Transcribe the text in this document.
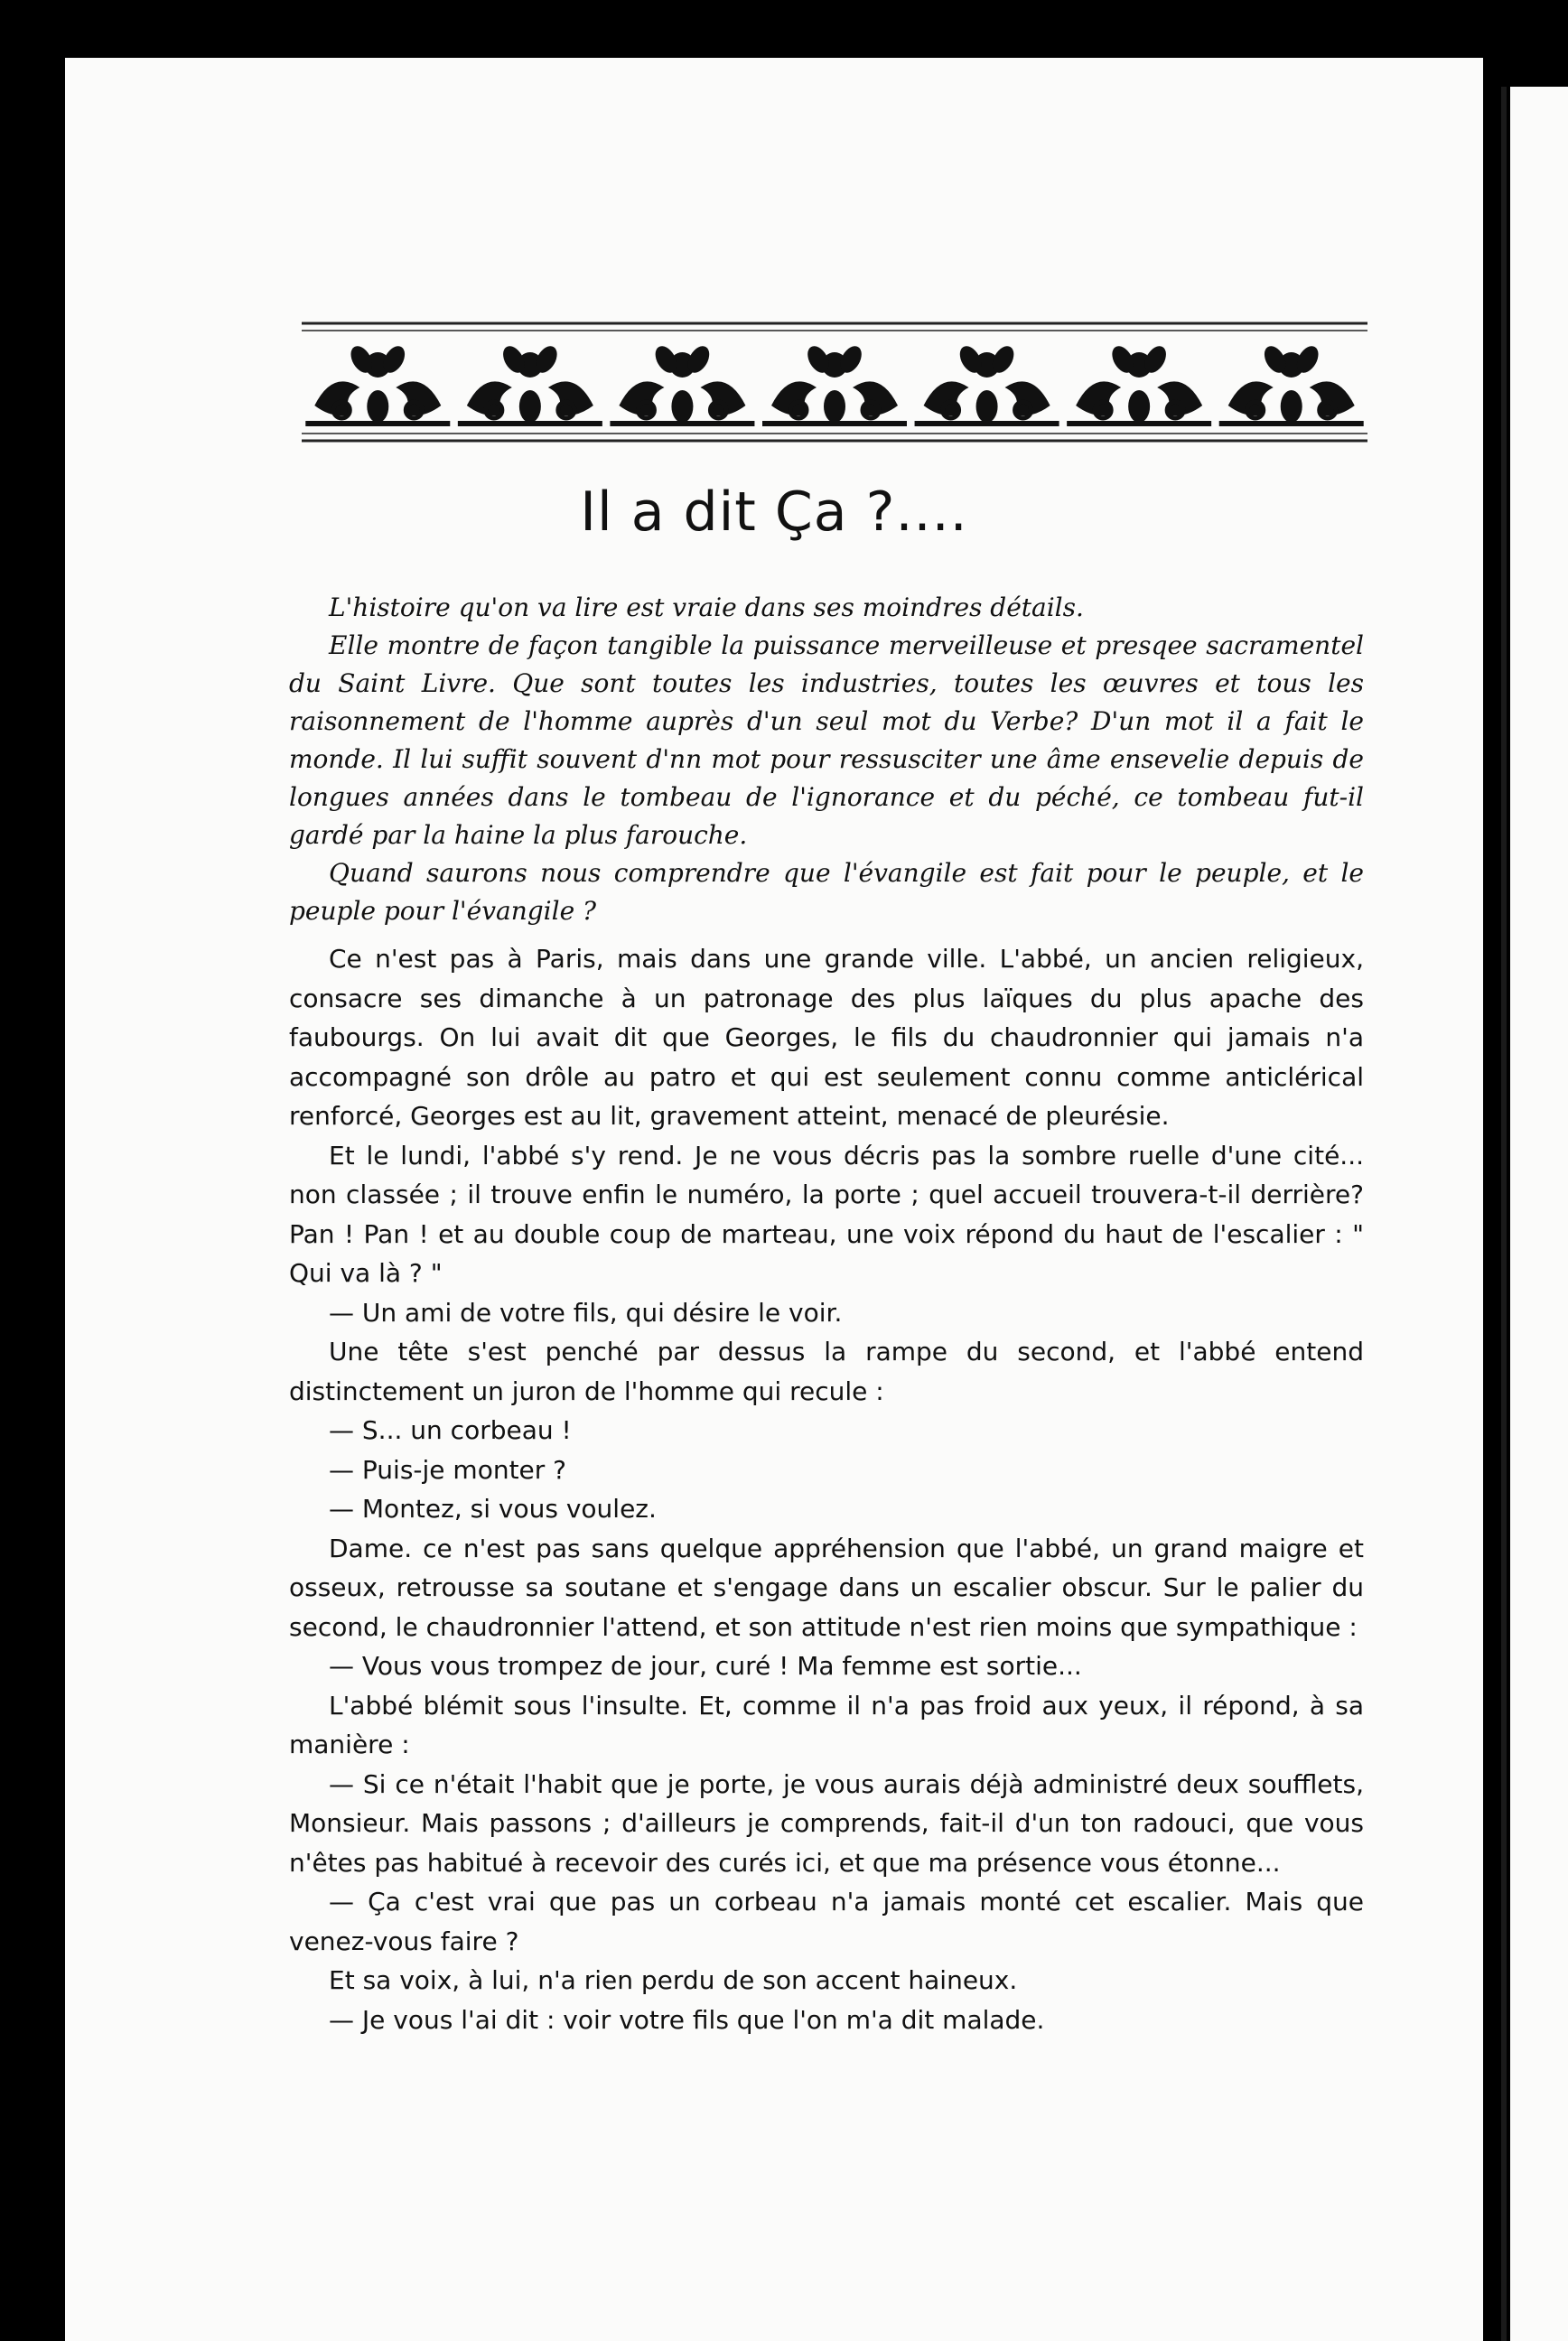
Il a dit Ça ?....

L'histoire qu'on va lire est vraie dans ses moindres détails.

Elle montre de façon tangible la puissance merveilleuse et presqee sacramentel du Saint Livre. Que sont toutes les industries, toutes les œuvres et tous les raisonnement de l'homme auprès d'un seul mot du Verbe? D'un mot il a fait le monde. Il lui suffit souvent d'nn mot pour ressusciter une âme ensevelie depuis de longues années dans le tombeau de l'ignorance et du péché, ce tombeau fut-il gardé par la haine la plus farouche.

Quand saurons nous comprendre que l'évangile est fait pour le peuple, et le peuple pour l'évangile ?

Ce n'est pas à Paris, mais dans une grande ville. L'abbé, un ancien religieux, consacre ses dimanche à un patronage des plus laïques du plus apache des faubourgs. On lui avait dit que Georges, le fils du chaudronnier qui jamais n'a accompagné son drôle au patro et qui est seulement connu comme anticlérical renforcé, Georges est au lit, gravement atteint, menacé de pleurésie.

Et le lundi, l'abbé s'y rend. Je ne vous décris pas la sombre ruelle d'une cité... non classée ; il trouve enfin le numéro, la porte ; quel accueil trouvera-t-il derrière? Pan ! Pan ! et au double coup de marteau, une voix répond du haut de l'escalier : " Qui va là ? "

— Un ami de votre fils, qui désire le voir.

Une tête s'est penché par dessus la rampe du second, et l'abbé entend distinctement un juron de l'homme qui recule :

— S... un corbeau !

— Puis-je monter ?

— Montez, si vous voulez.

Dame. ce n'est pas sans quelque appréhension que l'abbé, un grand maigre et osseux, retrousse sa soutane et s'engage dans un escalier obscur. Sur le palier du second, le chaudronnier l'attend, et son attitude n'est rien moins que sympathique :

— Vous vous trompez de jour, curé ! Ma femme est sortie...

L'abbé blémit sous l'insulte. Et, comme il n'a pas froid aux yeux, il répond, à sa manière :

— Si ce n'était l'habit que je porte, je vous aurais déjà administré deux soufflets, Monsieur. Mais passons ; d'ailleurs je comprends, fait-il d'un ton radouci, que vous n'êtes pas habitué à recevoir des curés ici, et que ma présence vous étonne...

— Ça c'est vrai que pas un corbeau n'a jamais monté cet escalier. Mais que venez-vous faire ?

Et sa voix, à lui, n'a rien perdu de son accent haineux.

— Je vous l'ai dit : voir votre fils que l'on m'a dit malade.
